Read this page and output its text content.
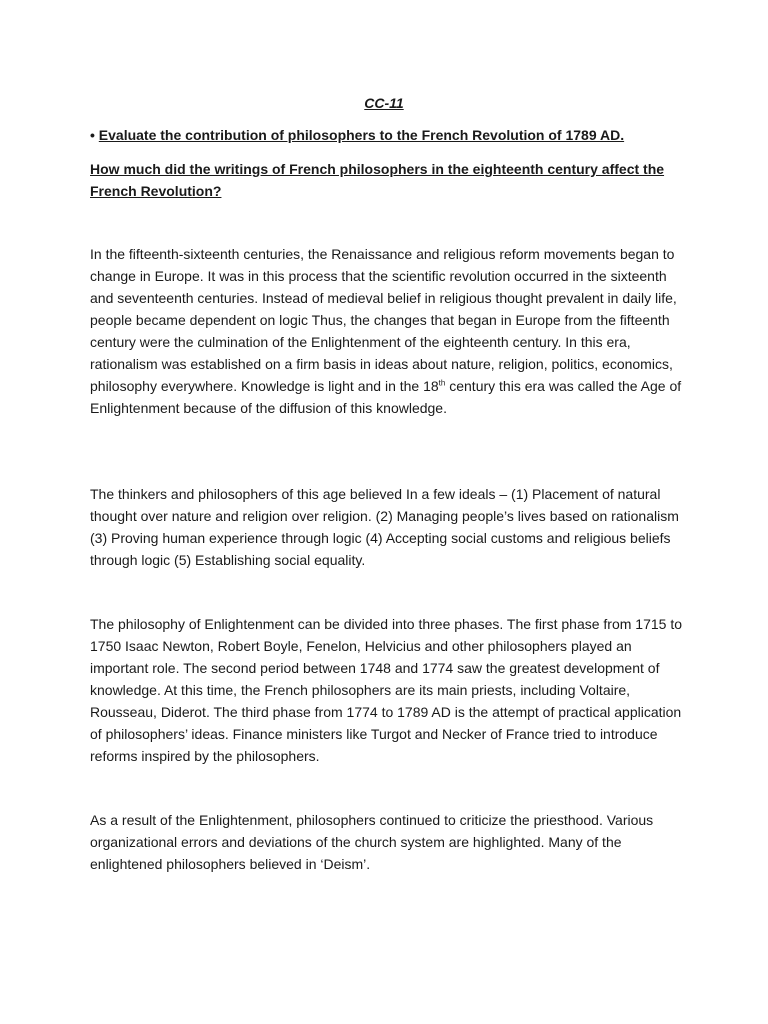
CC-11
• Evaluate the contribution of philosophers to the French Revolution of 1789 AD.
How much did the writings of French philosophers in the eighteenth century affect the French Revolution?

In the fifteenth-sixteenth centuries, the Renaissance and religious reform movements began to change in Europe. It was in this process that the scientific revolution occurred in the sixteenth and seventeenth centuries. Instead of medieval belief in religious thought prevalent in daily life, people became dependent on logic Thus, the changes that began in Europe from the fifteenth century were the culmination of the Enlightenment of the eighteenth century. In this era, rationalism was established on a firm basis in ideas about nature, religion, politics, economics, philosophy everywhere. Knowledge is light and in the 18th century this era was called the Age of Enlightenment because of the diffusion of this knowledge.

The thinkers and philosophers of this age believed In a few ideals – (1) Placement of natural thought over nature and religion over religion. (2) Managing people’s lives based on rationalism (3) Proving human experience through logic (4) Accepting social customs and religious beliefs through logic (5) Establishing social equality.

The philosophy of Enlightenment can be divided into three phases. The first phase from 1715 to 1750 Isaac Newton, Robert Boyle, Fenelon, Helvicius and other philosophers played an important role. The second period between 1748 and 1774 saw the greatest development of knowledge. At this time, the French philosophers are its main priests, including Voltaire, Rousseau, Diderot. The third phase from 1774 to 1789 AD is the attempt of practical application of philosophers’ ideas. Finance ministers like Turgot and Necker of France tried to introduce reforms inspired by the philosophers.

As a result of the Enlightenment, philosophers continued to criticize the priesthood. Various organizational errors and deviations of the church system are highlighted. Many of the enlightened philosophers believed in ‘Deism’.
